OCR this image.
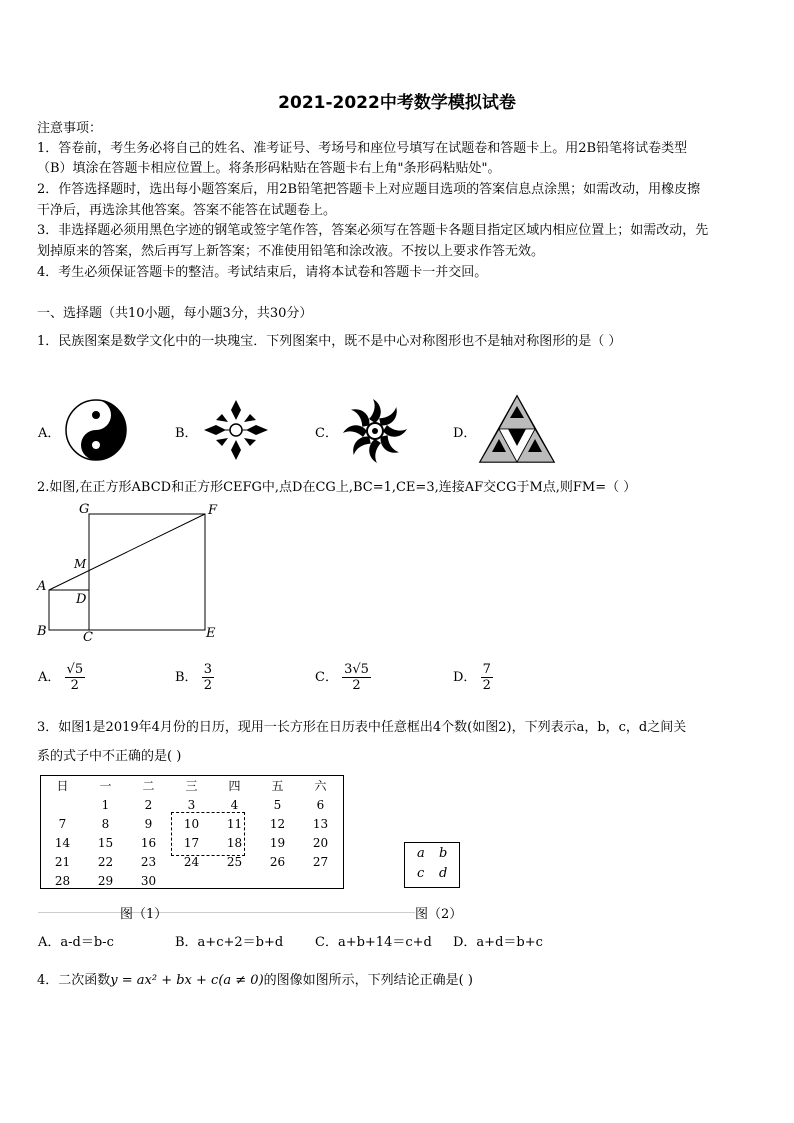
2021-2022中考数学模拟试卷
注意事项：
1．答卷前，考生务必将自己的姓名、准考证号、考场号和座位号填写在试题卷和答题卡上。用2B铅笔将试卷类型
（B）填涂在答题卡相应位置上。将条形码粘贴在答题卡右上角"条形码粘贴处"。
2．作答选择题时，选出每小题答案后，用2B铅笔把答题卡上对应题目选项的答案信息点涂黑；如需改动，用橡皮擦
干净后，再选涂其他答案。答案不能答在试题卷上。
3．非选择题必须用黑色字迹的钢笔或签字笔作答，答案必须写在答题卡各题目指定区域内相应位置上；如需改动，先
划掉原来的答案，然后再写上新答案；不准使用铅笔和涂改液。不按以上要求作答无效。
4．考生必须保证答题卡的整洁。考试结束后，请将本试卷和答题卡一并交回。
一、选择题（共10小题，每小题3分，共30分）
1．民族图案是数学文化中的一块瑰宝．下列图案中，既不是中心对称图形也不是轴对称图形的是（ ）
A．	B．	C．	D．
2.如图,在正方形ABCD和正方形CEFG中,点D在CG上,BC=1,CE=3,连接AF交CG于M点,则FM=（ ）
G	F
M
A
D
B	C	E
A． $\frac{√5}{2}$	B． $\frac{3}{2}$	C． $\frac{3√5}{2}$	D． $\frac{7}{2}$
3．如图1是2019年4月份的日历，现用一长方形在日历表中任意框出4个数(如图2)，下列表示a，b，c，d之间关
系的式子中不正确的是( )
日	一	二	三	四	五	六
	1	2	3	4	5	6
7	8	9	10	11	12	13
14	15	16	17	18	19	20
21	22	23	24	25	26	27
28	29	30				
a b
c d
图（1）	图（2）
A．a-d＝b-c	B．a+c+2＝b+d C．a+b+14＝c+d D．a+d＝b+c
4．二次函数y = ax² + bx + c(a ≠ 0)的图像如图所示，下列结论正确是( )
